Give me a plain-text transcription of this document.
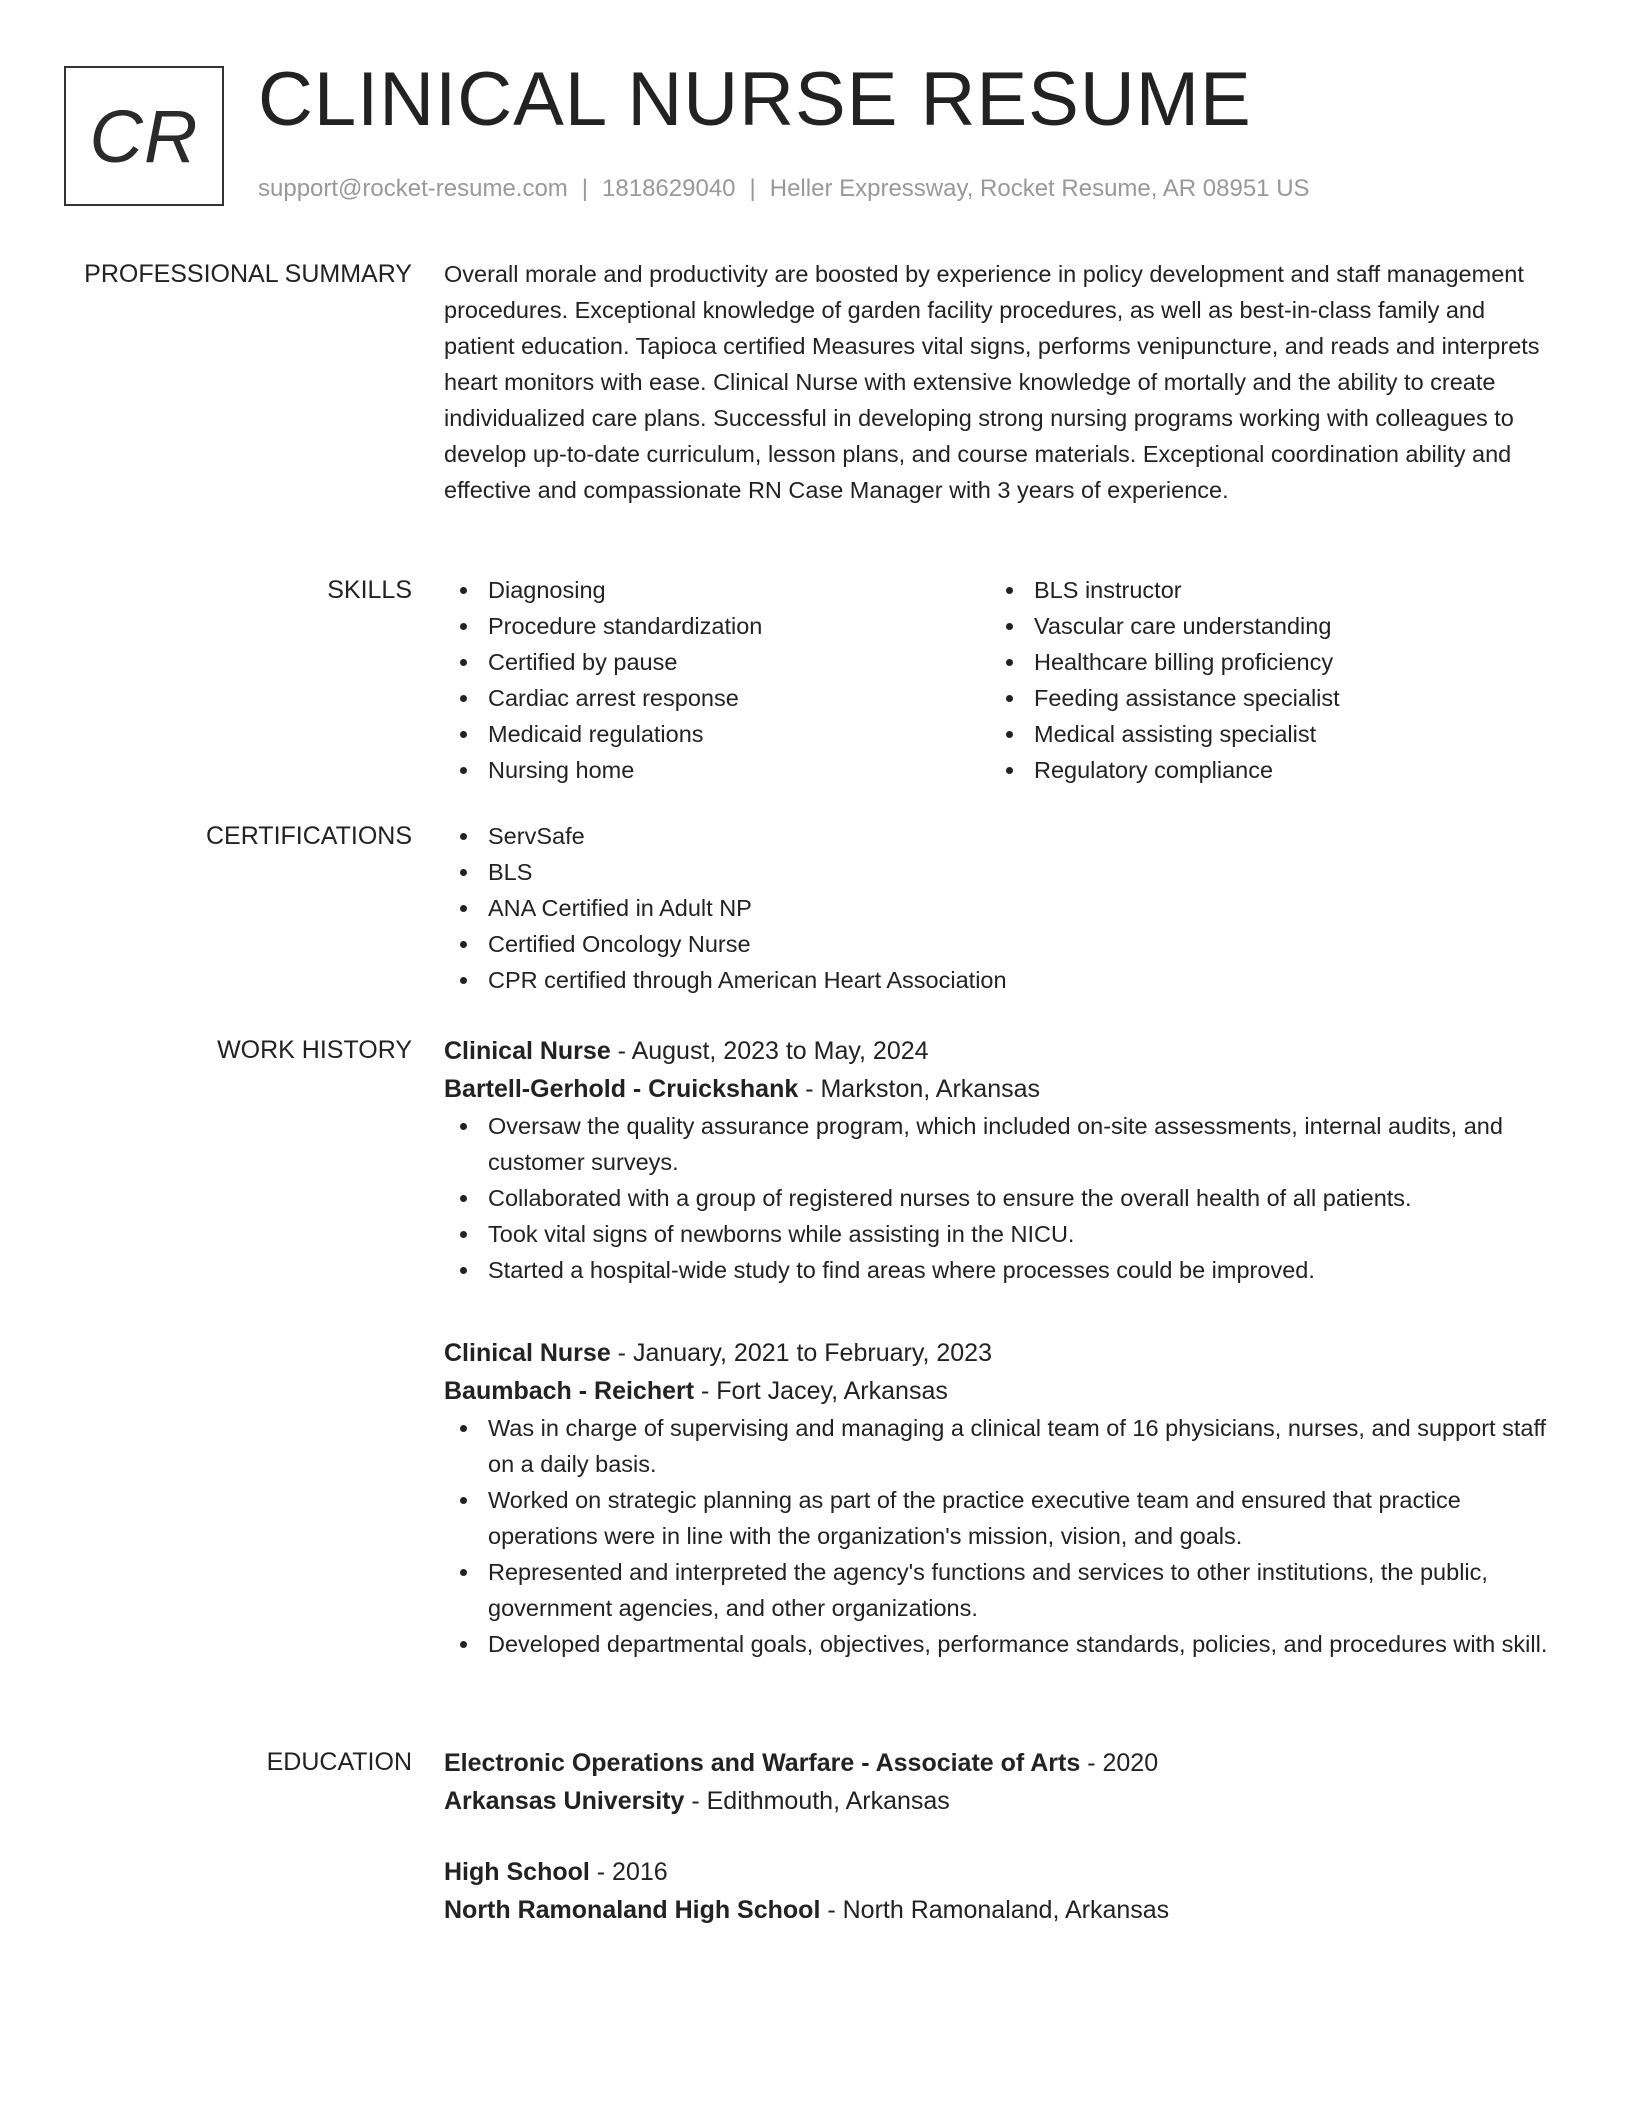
CR CLINICAL NURSE RESUME
support@rocket-resume.com | 1818629040 | Heller Expressway, Rocket Resume, AR 08951 US
PROFESSIONAL SUMMARY Overall morale and productivity are boosted by experience in policy development and staff management procedures. Exceptional knowledge of garden facility procedures, as well as best-in-class family and patient education. Tapioca certified Measures vital signs, performs venipuncture, and reads and interprets heart monitors with ease. Clinical Nurse with extensive knowledge of mortally and the ability to create individualized care plans. Successful in developing strong nursing programs working with colleagues to develop up-to-date curriculum, lesson plans, and course materials. Exceptional coordination ability and effective and compassionate RN Case Manager with 3 years of experience.

SKILLS	Diagnosing
Procedure standardization
Certified by pause
Cardiac arrest response
Medicaid regulations
Nursing home
BLS instructor
Vascular care understanding
Healthcare billing proficiency
Feeding assistance specialist
Medical assisting specialist
Regulatory compliance
CERTIFICATIONS	ServSafe
BLS
ANA Certified in Adult NP
Certified Oncology Nurse
CPR certified through American Heart Association
WORK HISTORY Clinical Nurse - August, 2023 to May, 2024
Bartell-Gerhold - Cruickshank - Markston, Arkansas
Oversaw the quality assurance program, which included on-site assessments, internal audits, and customer surveys.
Collaborated with a group of registered nurses to ensure the overall health of all patients.
Took vital signs of newborns while assisting in the NICU.
Started a hospital-wide study to find areas where processes could be improved.
Clinical Nurse - January, 2021 to February, 2023
Baumbach - Reichert - Fort Jacey, Arkansas
Was in charge of supervising and managing a clinical team of 16 physicians, nurses, and support staff on a daily basis.
Worked on strategic planning as part of the practice executive team and ensured that practice operations were in line with the organization's mission, vision, and goals.
Represented and interpreted the agency's functions and services to other institutions, the public, government agencies, and other organizations.
Developed departmental goals, objectives, performance standards, policies, and procedures with skill.
EDUCATION Electronic Operations and Warfare - Associate of Arts - 2020
Arkansas University - Edithmouth, Arkansas
High School - 2016
North Ramonaland High School - North Ramonaland, Arkansas
